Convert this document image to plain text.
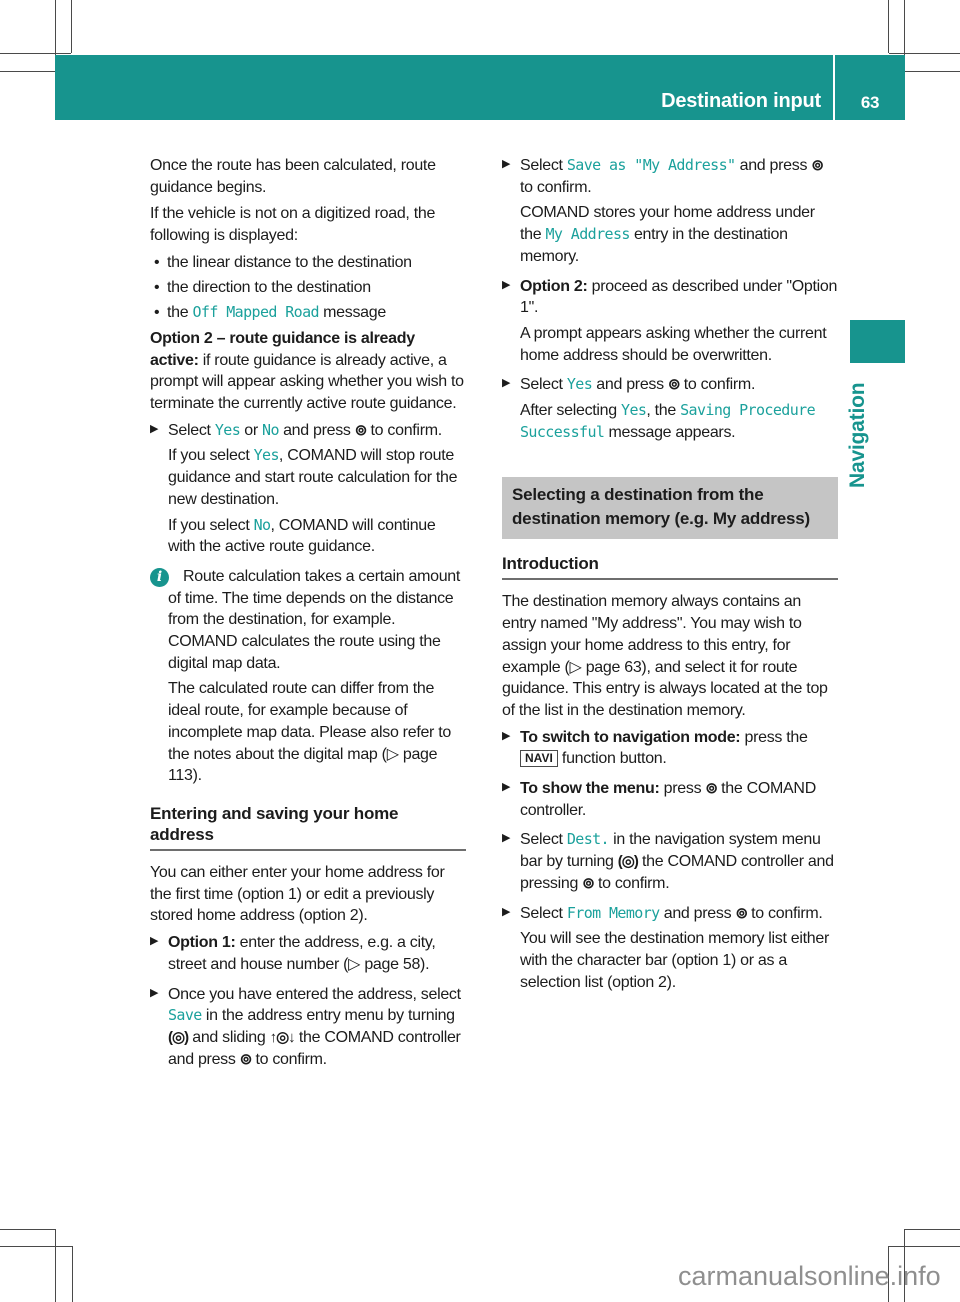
Destination input	63
Navigation

Once the route has been calculated, route guidance begins.

If the vehicle is not on a digitized road, the following is displayed:

• the linear distance to the destination

• the direction to the destination

• the Off Mapped Road message

Option 2 – route guidance is already active: if route guidance is already active, a prompt will appear asking whether you wish to terminate the currently active route guidance.

▶ Select Yes or No and press ⊚ to confirm.

If you select Yes, COMAND will stop route guidance and start route calculation for the new destination.

If you select No, COMAND will continue with the active route guidance.

i	Route calculation takes a certain amount of time. The time depends on the distance from the destination, for example. COMAND calculates the route using the digital map data.

The calculated route can differ from the ideal route, for example because of incomplete map data. Please also refer to the notes about the digital map (▷ page 113).

Entering and saving your home address

You can either enter your home address for the first time (option 1) or edit a previously stored home address (option 2).

▶ Option 1: enter the address, e.g. a city, street and house number (▷ page 58).

▶ Once you have entered the address, select Save in the address entry menu by turning (◎) and sliding ↑◎↓ the COMAND controller and press ⊚ to confirm.

▶ Select Save as "My Address" and press ⊚ to confirm.

COMAND stores your home address under the My Address entry in the destination memory.

▶ Option 2: proceed as described under "Option 1".

A prompt appears asking whether the current home address should be overwritten.

▶ Select Yes and press ⊚ to confirm.

After selecting Yes, the Saving Procedure Successful message appears.

Selecting a destination from the destination memory (e.g. My address)
Introduction

The destination memory always contains an entry named "My address". You may wish to assign your home address to this entry, for example (▷ page 63), and select it for route guidance. This entry is always located at the top of the list in the destination memory.

▶ To switch to navigation mode: press the NAVI function button.

▶ To show the menu: press ⊚ the COMAND controller.

▶ Select Dest. in the navigation system menu bar by turning (◎) the COMAND controller and pressing ⊚ to confirm.

▶ Select From Memory and press ⊚ to confirm.

You will see the destination memory list either with the character bar (option 1) or as a selection list (option 2).

carmanualsonline.info
